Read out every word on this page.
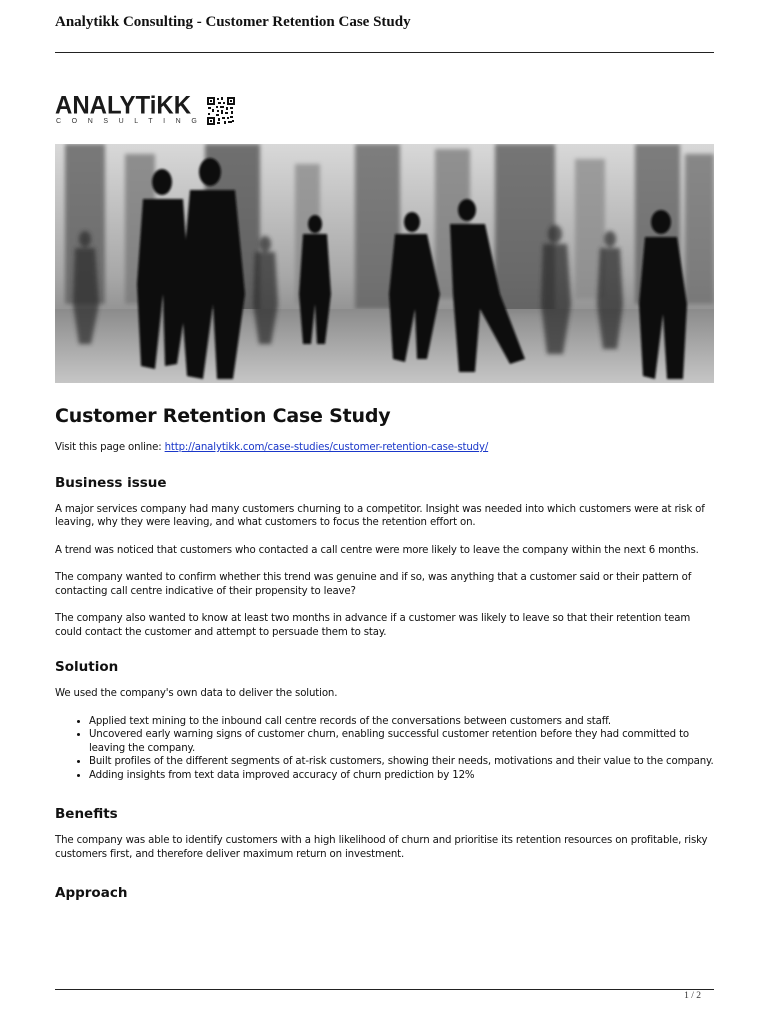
Analytikk Consulting - Customer Retention Case Study
ANALYTiKK
CONSULTING
Customer Retention Case Study

Visit this page online: http://analytikk.com/case-studies/customer-retention-case-study/

Business issue

A major services company had many customers churning to a competitor. Insight was needed into which customers were at risk of leaving, why they were leaving, and what customers to focus the retention effort on.

A trend was noticed that customers who contacted a call centre were more likely to leave the company within the next 6 months.

The company wanted to confirm whether this trend was genuine and if so, was anything that a customer said or their pattern of contacting call centre indicative of their propensity to leave?

The company also wanted to know at least two months in advance if a customer was likely to leave so that their retention team could contact the customer and attempt to persuade them to stay.

Solution

We used the company's own data to deliver the solution.

• Applied text mining to the inbound call centre records of the conversations between customers and staff.
• Uncovered early warning signs of customer churn, enabling successful customer retention before they had committed to leaving the company.
• Built profiles of the different segments of at-risk customers, showing their needs, motivations and their value to the company.
• Adding insights from text data improved accuracy of churn prediction by 12%
Benefits

The company was able to identify customers with a high likelihood of churn and prioritise its retention resources on profitable, risky customers first, and therefore deliver maximum return on investment.

Approach
1 / 2
